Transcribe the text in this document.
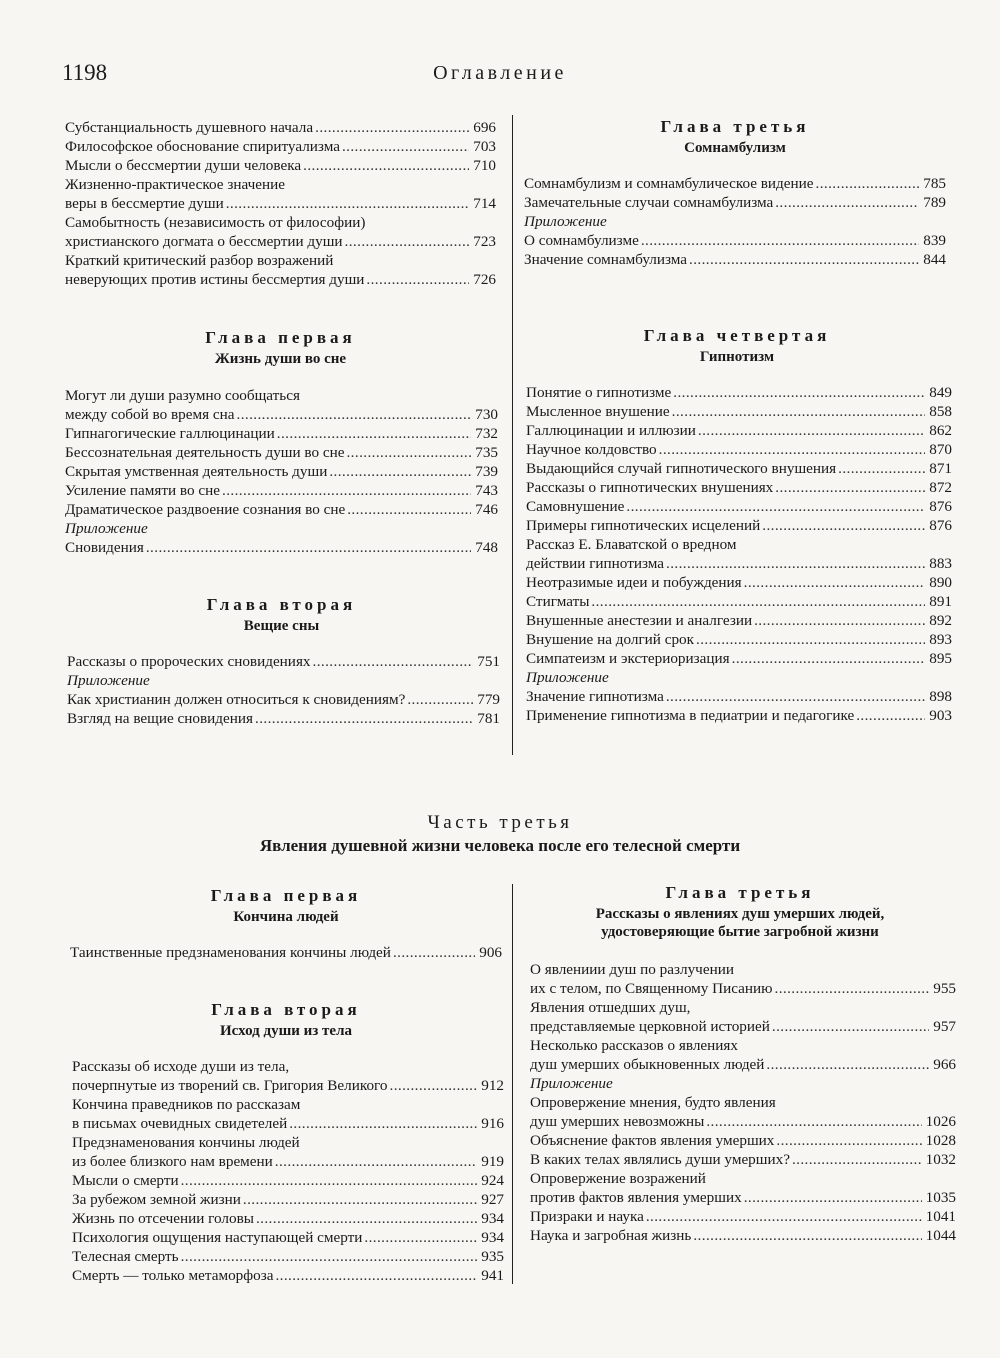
1198	Оглавление
Субстанциальность душевного начала . . .	696
Философское обоснование спиритуализма . . .	703
Мысли о бессмертии души человека . . .	710
Жизненно-практическое значение
веры в бессмертие души . . .	714
Самобытность (независимость от философии)
христианского догмата о бессмертии души . . .	723
Краткий критический разбор возражений
неверующих против истины бессмертия души . . .	726
Глава первая
Жизнь души во сне
Могут ли души разумно сообщаться
между собой во время сна . . .	730
Гипнагогические галлюцинации . . .	732
Бессознательная деятельность души во сне . . .	735
Скрытая умственная деятельность души . . .	739
Усиление памяти во сне . . .	743
Драматическое раздвоение сознания во сне . . .	746
Приложение
Сновидения . . .	748
Глава вторая
Вещие сны
Рассказы о пророческих сновидениях . . .	751
Приложение
Как христианин должен относиться к сновидениям? . . .	779
Взгляд на вещие сновидения . . .	781
Глава третья
Сомнамбулизм
Сомнамбулизм и сомнамбулическое видение . . .	785
Замечательные случаи сомнамбулизма . . .	789
Приложение
О сомнамбулизме . . .	839
Значение сомнамбулизма . . .	844
Глава четвертая
Гипнотизм
Понятие о гипнотизме . . .	849
Мысленное внушение . . .	858
Галлюцинации и иллюзии . . .	862
Научное колдовство . . .	870
Выдающийся случай гипнотического внушения . . .	871
Рассказы о гипнотических внушениях . . .	872
Самовнушение . . .	876
Примеры гипнотических исцелений . . .	876
Рассказ Е. Блаватской о вредном
действии гипнотизма . . .	883
Неотразимые идеи и побуждения . . .	890
Стигматы . . .	891
Внушенные анестезии и аналгезии . . .	892
Внушение на долгий срок . . .	893
Симпатеизм и экстериоризация . . .	895
Приложение
Значение гипнотизма . . .	898
Применение гипнотизма в педиатрии и педагогике . . .	903
Часть третья
Явления душевной жизни человека после его телесной смерти
Глава первая
Кончина людей
Таинственные предзнаменования кончины людей . . .	906
Глава вторая
Исход души из тела
Рассказы об исходе души из тела,
почерпнутые из творений св. Григория Великого . . .	912
Кончина праведников по рассказам
в письмах очевидных свидетелей . . .	916
Предзнаменования кончины людей
из более близкого нам времени . . .	919
Мысли о смерти . . .	924
За рубежом земной жизни . . .	927
Жизнь по отсечении головы . . .	934
Психология ощущения наступающей смерти . . .	934
Телесная смерть . . .	935
Смерть — только метаморфоза . . .	941
Глава третья
Рассказы о явлениях душ умерших людей,
удостоверяющие бытие загробной жизни
О явлениии душ по разлучении
их с телом, по Священному Писанию . . .	955
Явления отшедших душ,
представляемые церковной историей . . .	957
Несколько рассказов о явлениях
душ умерших обыкновенных людей . . .	966
Приложение
Опровержение мнения, будто явления
душ умерших невозможны . . .	1026
Объяснение фактов явления умерших . . .	1028
В каких телах являлись души умерших? . . .	1032
Опровержение возражений
против фактов явления умерших . . .	1035
Призраки и наука . . .	1041
Наука и загробная жизнь . . .	1044
